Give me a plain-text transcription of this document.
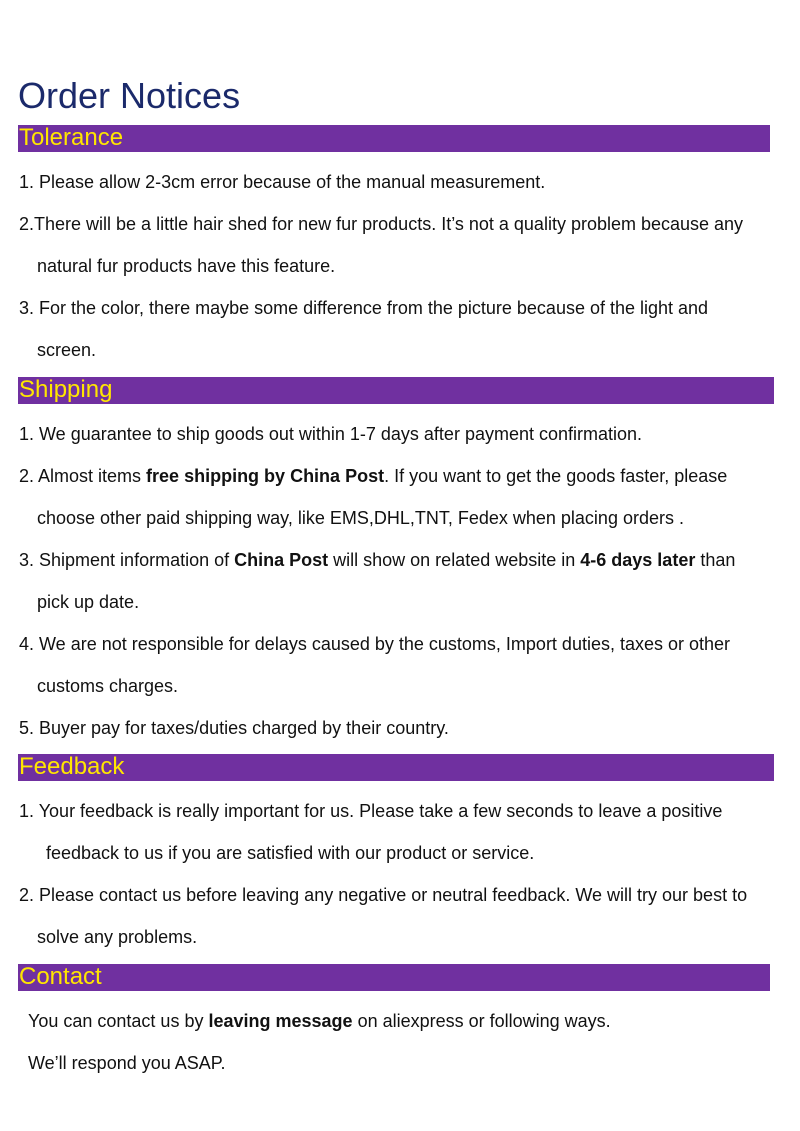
Order Notices
Tolerance
1. Please allow 2-3cm error because of the manual measurement.
2.There will be a little hair shed for new fur products. It’s not a quality problem because any
natural fur products have this feature.
3. For the color, there maybe some difference from the picture because of the light and
screen.
Shipping
1. We guarantee to ship goods out within 1-7 days after payment confirmation.
2. Almost items free shipping by China Post. If you want to get the goods faster, please
choose other paid shipping way, like EMS,DHL,TNT, Fedex when placing orders .
3. Shipment information of China Post will show on related website in 4-6 days later than
pick up date.
4. We are not responsible for delays caused by the customs, Import duties, taxes or other
customs charges.
5. Buyer pay for taxes/duties charged by their country.
Feedback
1. Your feedback is really important for us. Please take a few seconds to leave a positive
feedback to us if you are satisfied with our product or service.
2. Please contact us before leaving any negative or neutral feedback. We will try our best to
solve any problems.
Contact
You can contact us by leaving message on aliexpress or following ways.
We’ll respond you ASAP.
